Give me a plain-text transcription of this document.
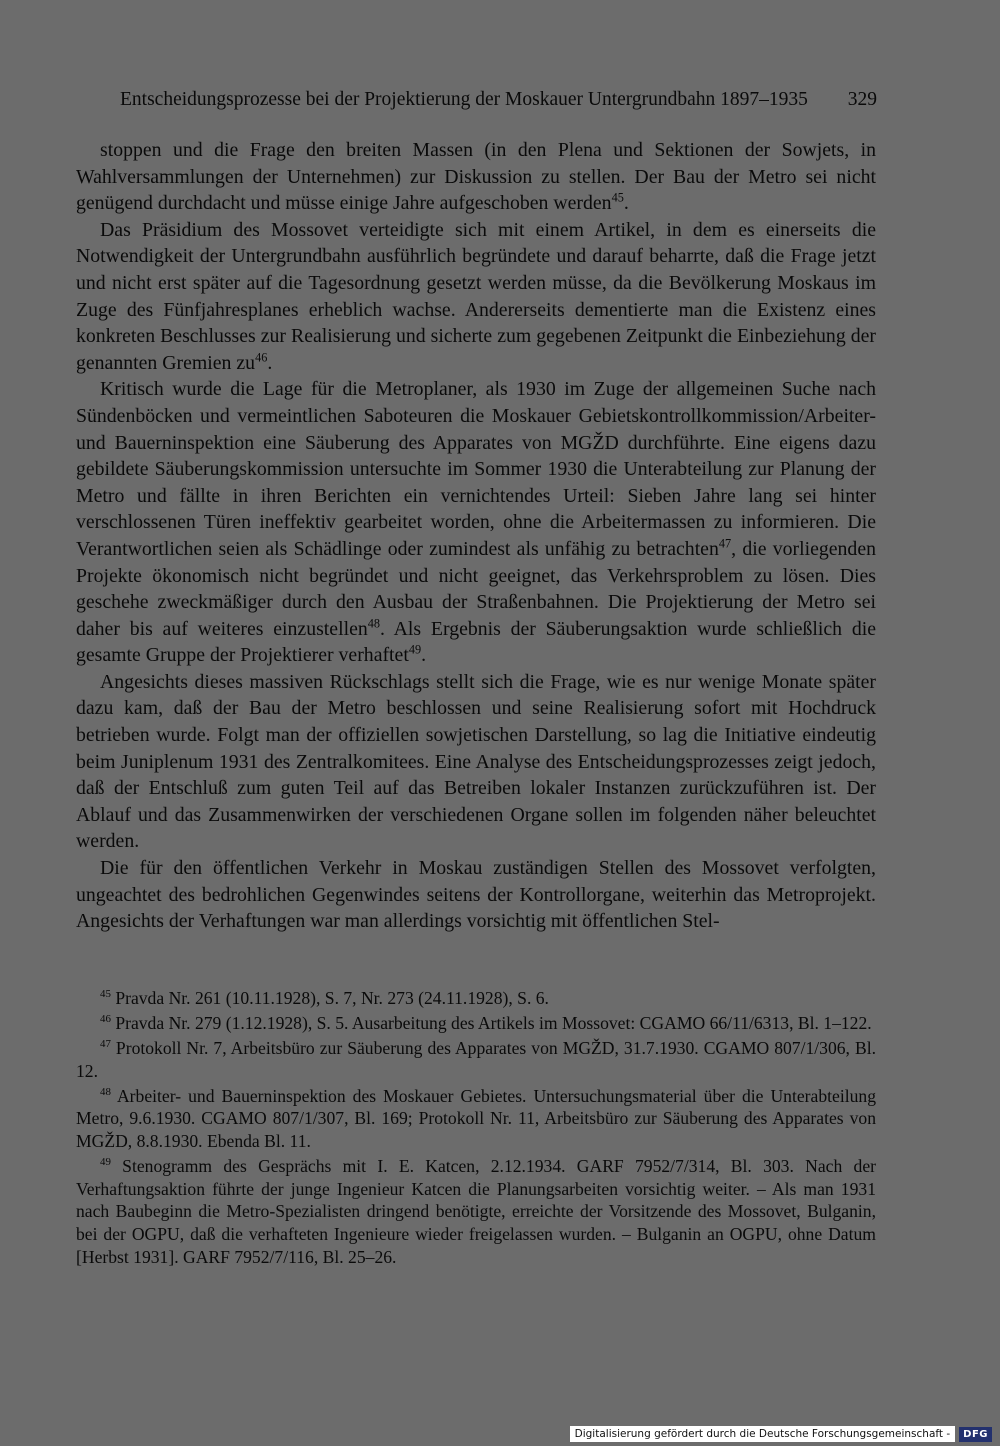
Entscheidungsprozesse bei der Projektierung der Moskauer Untergrundbahn 1897–1935 329

stoppen und die Frage den breiten Massen (in den Plena und Sektionen der Sowjets, in Wahlversammlungen der Unternehmen) zur Diskussion zu stellen. Der Bau der Metro sei nicht genügend durchdacht und müsse einige Jahre aufgeschoben werden$^{45}$.

Das Präsidium des Mossovet verteidigte sich mit einem Artikel, in dem es einerseits die Notwendigkeit der Untergrundbahn ausführlich begründete und darauf beharrte, daß die Frage jetzt und nicht erst später auf die Tagesordnung gesetzt werden müsse, da die Bevölkerung Moskaus im Zuge des Fünfjahresplanes erheblich wachse. Andererseits dementierte man die Existenz eines konkreten Beschlusses zur Realisierung und sicherte zum gegebenen Zeitpunkt die Einbeziehung der genannten Gremien $zu^{46}$.

Kritisch wurde die Lage für die Metroplaner, als 1930 im Zuge der allgemeinen Suche nach Sündenböcken und vermeintlichen Saboteuren die Moskauer Gebietskontrollkommission/Arbeiter- und Bauerninspektion eine Säuberung des Apparates von MGŽD durchführte. Eine eigens dazu gebildete Säuberungskommission untersuchte im Sommer 1930 die Unterabteilung zur Planung der Metro und fällte in ihren Berichten ein vernichtendes Urteil: Sieben Jahre lang sei hinter verschlossenen Türen ineffektiv gearbeitet worden, ohne die Arbeitermassen zu informieren. Die Verantwortlichen seien als Schädlinge oder zumindest als unfähig zu betrachten$^{47}$, die vorliegenden Projekte ökonomisch nicht begründet und nicht geeignet, das Verkehrsproblem zu lösen. Dies geschehe zweckmäßiger durch den Ausbau der Straßenbahnen. Die Projektierung der Metro sei daher bis auf weiteres einzustellen$^{48}$. Als Ergebnis der Säuberungsaktion wurde schließlich die gesamte Gruppe der Projektierer verhaftet$^{49}$.

Angesichts dieses massiven Rückschlags stellt sich die Frage, wie es nur wenige Monate später dazu kam, daß der Bau der Metro beschlossen und seine Realisierung sofort mit Hochdruck betrieben wurde. Folgt man der offiziellen sowjetischen Darstellung, so lag die Initiative eindeutig beim Juniplenum 1931 des Zentralkomitees. Eine Analyse des Entscheidungsprozesses zeigt jedoch, daß der Entschluß zum guten Teil auf das Betreiben lokaler Instanzen zurückzuführen ist. Der Ablauf und das Zusammenwirken der verschiedenen Organe sollen im folgenden näher beleuchtet werden.

Die für den öffentlichen Verkehr in Moskau zuständigen Stellen des Mossovet verfolgten, ungeachtet des bedrohlichen Gegenwindes seitens der Kontrollorgane, weiterhin das Metroprojekt. Angesichts der Verhaftungen war man allerdings vorsichtig mit öffentlichen Stel-

$^{45}$ Pravda Nr. 261 (10.11.1928), S. 7, Nr. 273 (24.11.1928), S. 6.

$^{46}$ Pravda Nr. 279 (1.12.1928), S. 5. Ausarbeitung des Artikels im Mossovet: CGAMO 66/11/6313, Bl. 1–122.

$^{47}$ Protokoll Nr. 7, Arbeitsbüro zur Säuberung des Apparates von MGŽD, 31.7.1930. CGAMO 807/1/306, Bl. 12.

$^{48}$ Arbeiter- und Bauerninspektion des Moskauer Gebietes. Untersuchungsmaterial über die Unterabteilung Metro, 9.6.1930. CGAMO 807/1/307, Bl. 169; Protokoll Nr. 11, Arbeitsbüro zur Säuberung des Apparates von MGŽD, 8.8.1930. Ebenda Bl. 11.

$^{49}$ Stenogramm des Gesprächs mit I. E. Katcen, 2.12.1934. GARF 7952/7/314, Bl. 303. Nach der Verhaftungsaktion führte der junge Ingenieur Katcen die Planungsarbeiten vorsichtig weiter. – Als man 1931 nach Baubeginn die Metro-Spezialisten dringend benötigte, erreichte der Vorsitzende des Mossovet, Bulganin, bei der OGPU, daß die verhafteten Ingenieure wieder freigelassen wurden. – Bulganin an OGPU, ohne Datum [Herbst 1931]. GARF 7952/7/116, Bl. 25–26.

Digitalisierung gefördert durch die Deutsche Forschungsgemeinschaft -	DFG
